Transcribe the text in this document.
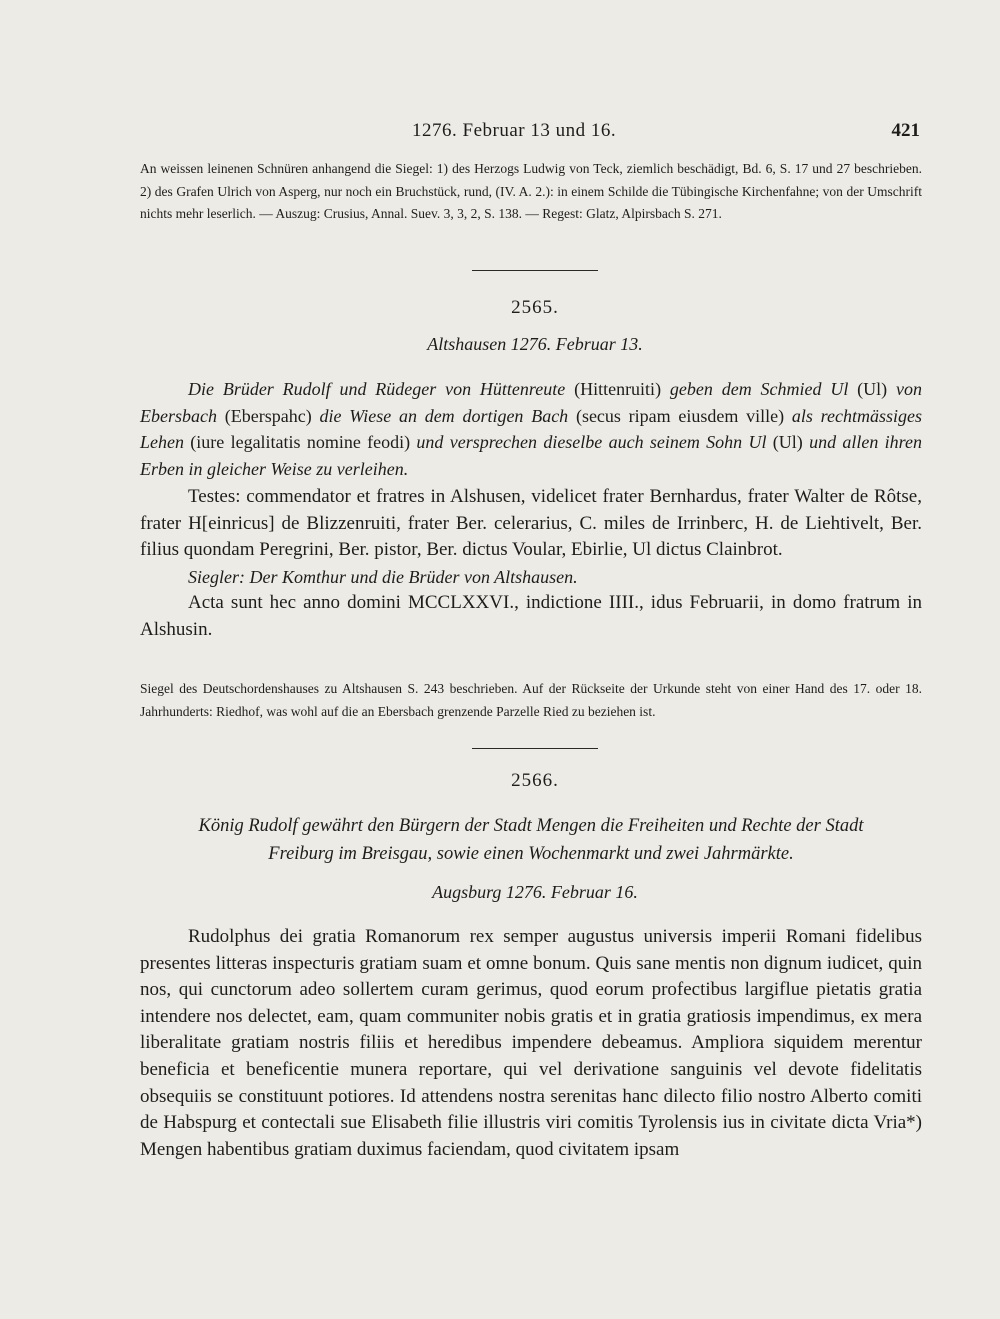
1276. Februar 13 und 16.	421

An weissen leinenen Schnüren anhangend die Siegel: 1) des Herzogs Ludwig von Teck, ziemlich beschädigt, Bd. 6, S. 17 und 27 beschrieben. 2) des Grafen Ulrich von Asperg, nur noch ein Bruchstück, rund, (IV. A. 2.): in einem Schilde die Tübingische Kirchenfahne; von der Umschrift nichts mehr leserlich. — Auszug: Crusius, Annal. Suev. 3, 3, 2, S. 138. — Regest: Glatz, Alpirsbach S. 271.

2565.
Altshausen 1276. Februar 13.

Die Brüder Rudolf und Rüdeger von Hüttenreute (Hittenruiti) geben dem Schmied Ul (Ul) von Ebersbach (Eberspahc) die Wiese an dem dortigen Bach (secus ripam eiusdem ville) als rechtmässiges Lehen (iure legalitatis nomine feodi) und versprechen dieselbe auch seinem Sohn Ul (Ul) und allen ihren Erben in gleicher Weise zu verleihen.

Testes: commendator et fratres in Alshusen, videlicet frater Bernhardus, frater Walter de Rôtse, frater H[einricus] de Blizzenruiti, frater Ber. celerarius, C. miles de Irrinberc, H. de Liehtivelt, Ber. filius quondam Peregrini, Ber. pistor, Ber. dictus Voular, Ebirlie, Ul dictus Clainbrot.

Siegler: Der Komthur und die Brüder von Altshausen.

Acta sunt hec anno domini MCCLXXVI., indictione IIII., idus Februarii, in domo fratrum in Alshusin.

Siegel des Deutschordenshauses zu Altshausen S. 243 beschrieben. Auf der Rückseite der Urkunde steht von einer Hand des 17. oder 18. Jahrhunderts: Riedhof, was wohl auf die an Ebersbach grenzende Parzelle Ried zu beziehen ist.

2566.

König Rudolf gewährt den Bürgern der Stadt Mengen die Freiheiten und Rechte der Stadt

Freiburg im Breisgau, sowie einen Wochenmarkt und zwei Jahrmärkte.

Augsburg 1276. Februar 16.

Rudolphus dei gratia Romanorum rex semper augustus universis imperii Romani fidelibus presentes litteras inspecturis gratiam suam et omne bonum. Quis sane mentis non dignum iudicet, quin nos, qui cunctorum adeo sollertem curam gerimus, quod eorum profectibus largiflue pietatis gratia intendere nos delectet, eam, quam communiter nobis gratis et in gratia gratiosis impendimus, ex mera liberalitate gratiam nostris filiis et heredibus impendere debeamus. Ampliora siquidem merentur beneficia et beneficentie munera reportare, qui vel derivatione sanguinis vel devote fidelitatis obsequiis se constituunt potiores. Id attendens nostra serenitas hanc dilecto filio nostro Alberto comiti de Habspurg et contectali sue Elisabeth filie illustris viri comitis Tyrolensis ius in civitate dicta Vria*) Mengen habentibus gratiam duximus faciendam, quod civitatem ipsam
